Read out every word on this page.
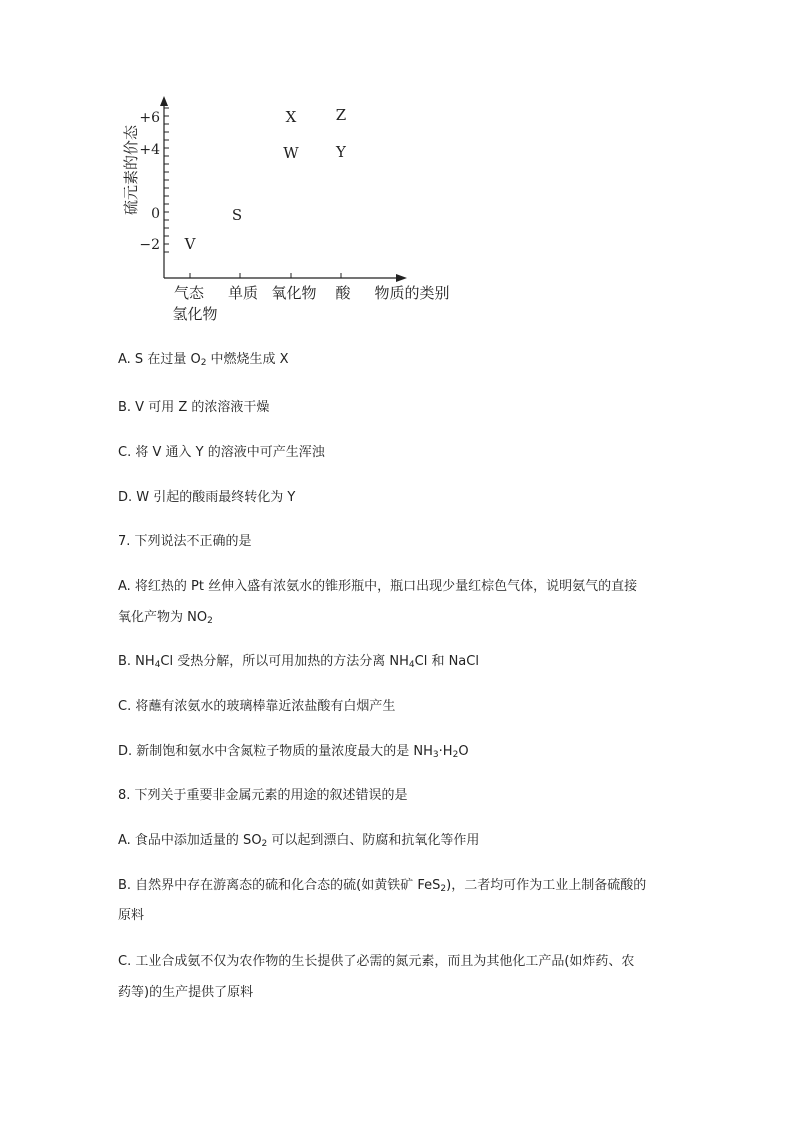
硫元素的价态
+6
+4
0
−2
气态
氢化物
单质 氧化物 酸 物质的类别
V
S
X
W
Z
Y
A. S 在过量 $O_2$ 中燃烧生成 X
B. V 可用 Z 的浓溶液干燥
C. 将 V 通入 Y 的溶液中可产生浑浊
D. W 引起的酸雨最终转化为 Y
7. 下列说法不正确的是
A. 将红热的 Pt 丝伸入盛有浓氨水的锥形瓶中，瓶口出现少量红棕色气体，说明氨气的直接
氧化产物为 $NO_2$
B. $NH_4Cl$ 受热分解，所以可用加热的方法分离 $NH_4Cl$ 和 NaCl
C. 将蘸有浓氨水的玻璃棒靠近浓盐酸有白烟产生
D. 新制饱和氨水中含氮粒子物质的量浓度最大的是 $NH_3\cdot H_2O$
8. 下列关于重要非金属元素的用途的叙述错误的是
A. 食品中添加适量的 $SO_2$ 可以起到漂白、防腐和抗氧化等作用
B. 自然界中存在游离态的硫和化合态的硫(如黄铁矿 FeS$_2$)，二者均可作为工业上制备硫酸的
原料
C. 工业合成氨不仅为农作物的生长提供了必需的氮元素，而且为其他化工产品(如炸药、农
药等)的生产提供了原料
